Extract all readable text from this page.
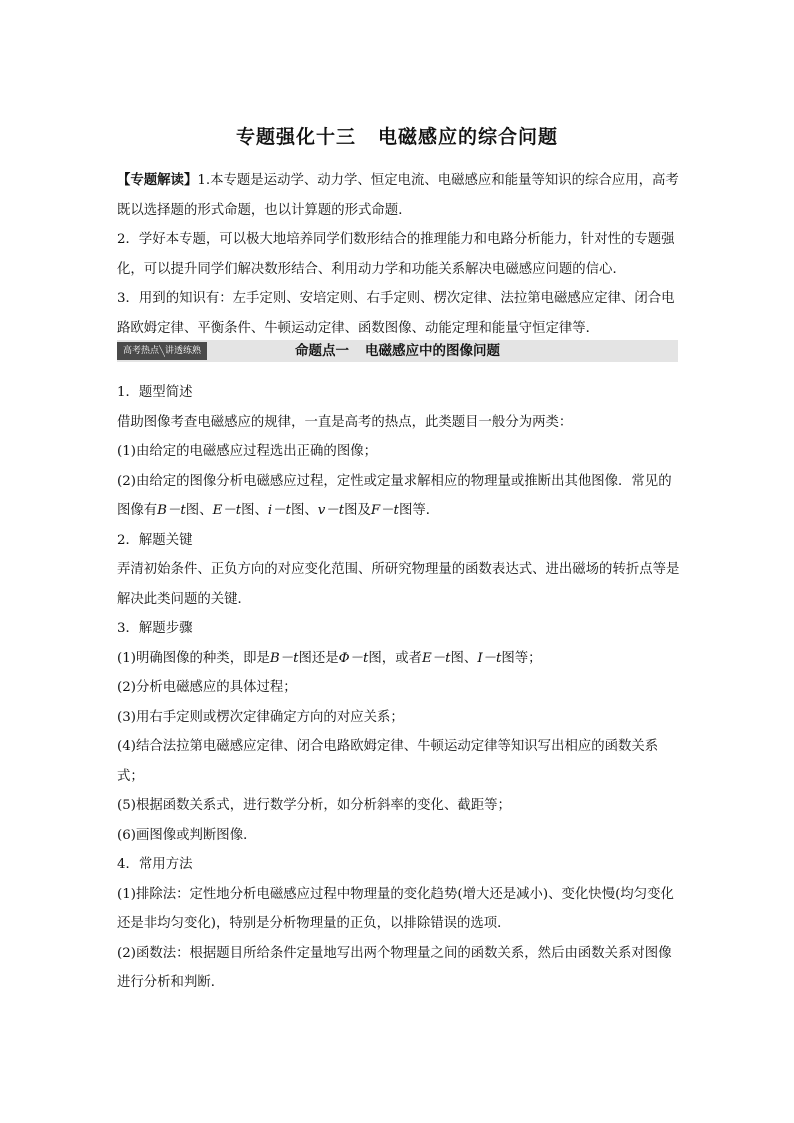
专题强化十三 电磁感应的综合问题

【专题解读】1.本专题是运动学、动力学、恒定电流、电磁感应和能量等知识的综合应用，高考既以选择题的形式命题，也以计算题的形式命题．

2．学好本专题，可以极大地培养同学们数形结合的推理能力和电路分析能力，针对性的专题强化，可以提升同学们解决数形结合、利用动力学和功能关系解决电磁感应问题的信心．

3．用到的知识有：左手定则、安培定则、右手定则、楞次定律、法拉第电磁感应定律、闭合电路欧姆定律、平衡条件、牛顿运动定律、函数图像、动能定理和能量守恒定律等．

高考热点 讲透练熟	命题点一 电磁感应中的图像问题

1．题型简述

借助图像考查电磁感应的规律，一直是高考的热点，此类题目一般分为两类：

(1)由给定的电磁感应过程选出正确的图像；

(2)由给定的图像分析电磁感应过程，定性或定量求解相应的物理量或推断出其他图像．常见的图像有B－t图、E－t图、i－t图、v－t图及F－t图等．

2．解题关键

弄清初始条件、正负方向的对应变化范围、所研究物理量的函数表达式、进出磁场的转折点等是解决此类问题的关键．

3．解题步骤

(1)明确图像的种类，即是B－t图还是Φ－t图，或者E－t图、I－t图等；

(2)分析电磁感应的具体过程；

(3)用右手定则或楞次定律确定方向的对应关系；

(4)结合法拉第电磁感应定律、闭合电路欧姆定律、牛顿运动定律等知识写出相应的函数关系式；

(5)根据函数关系式，进行数学分析，如分析斜率的变化、截距等；

(6)画图像或判断图像．

4．常用方法

(1)排除法：定性地分析电磁感应过程中物理量的变化趋势(增大还是减小)、变化快慢(均匀变化还是非均匀变化)，特别是分析物理量的正负，以排除错误的选项．

(2)函数法：根据题目所给条件定量地写出两个物理量之间的函数关系，然后由函数关系对图像进行分析和判断．
